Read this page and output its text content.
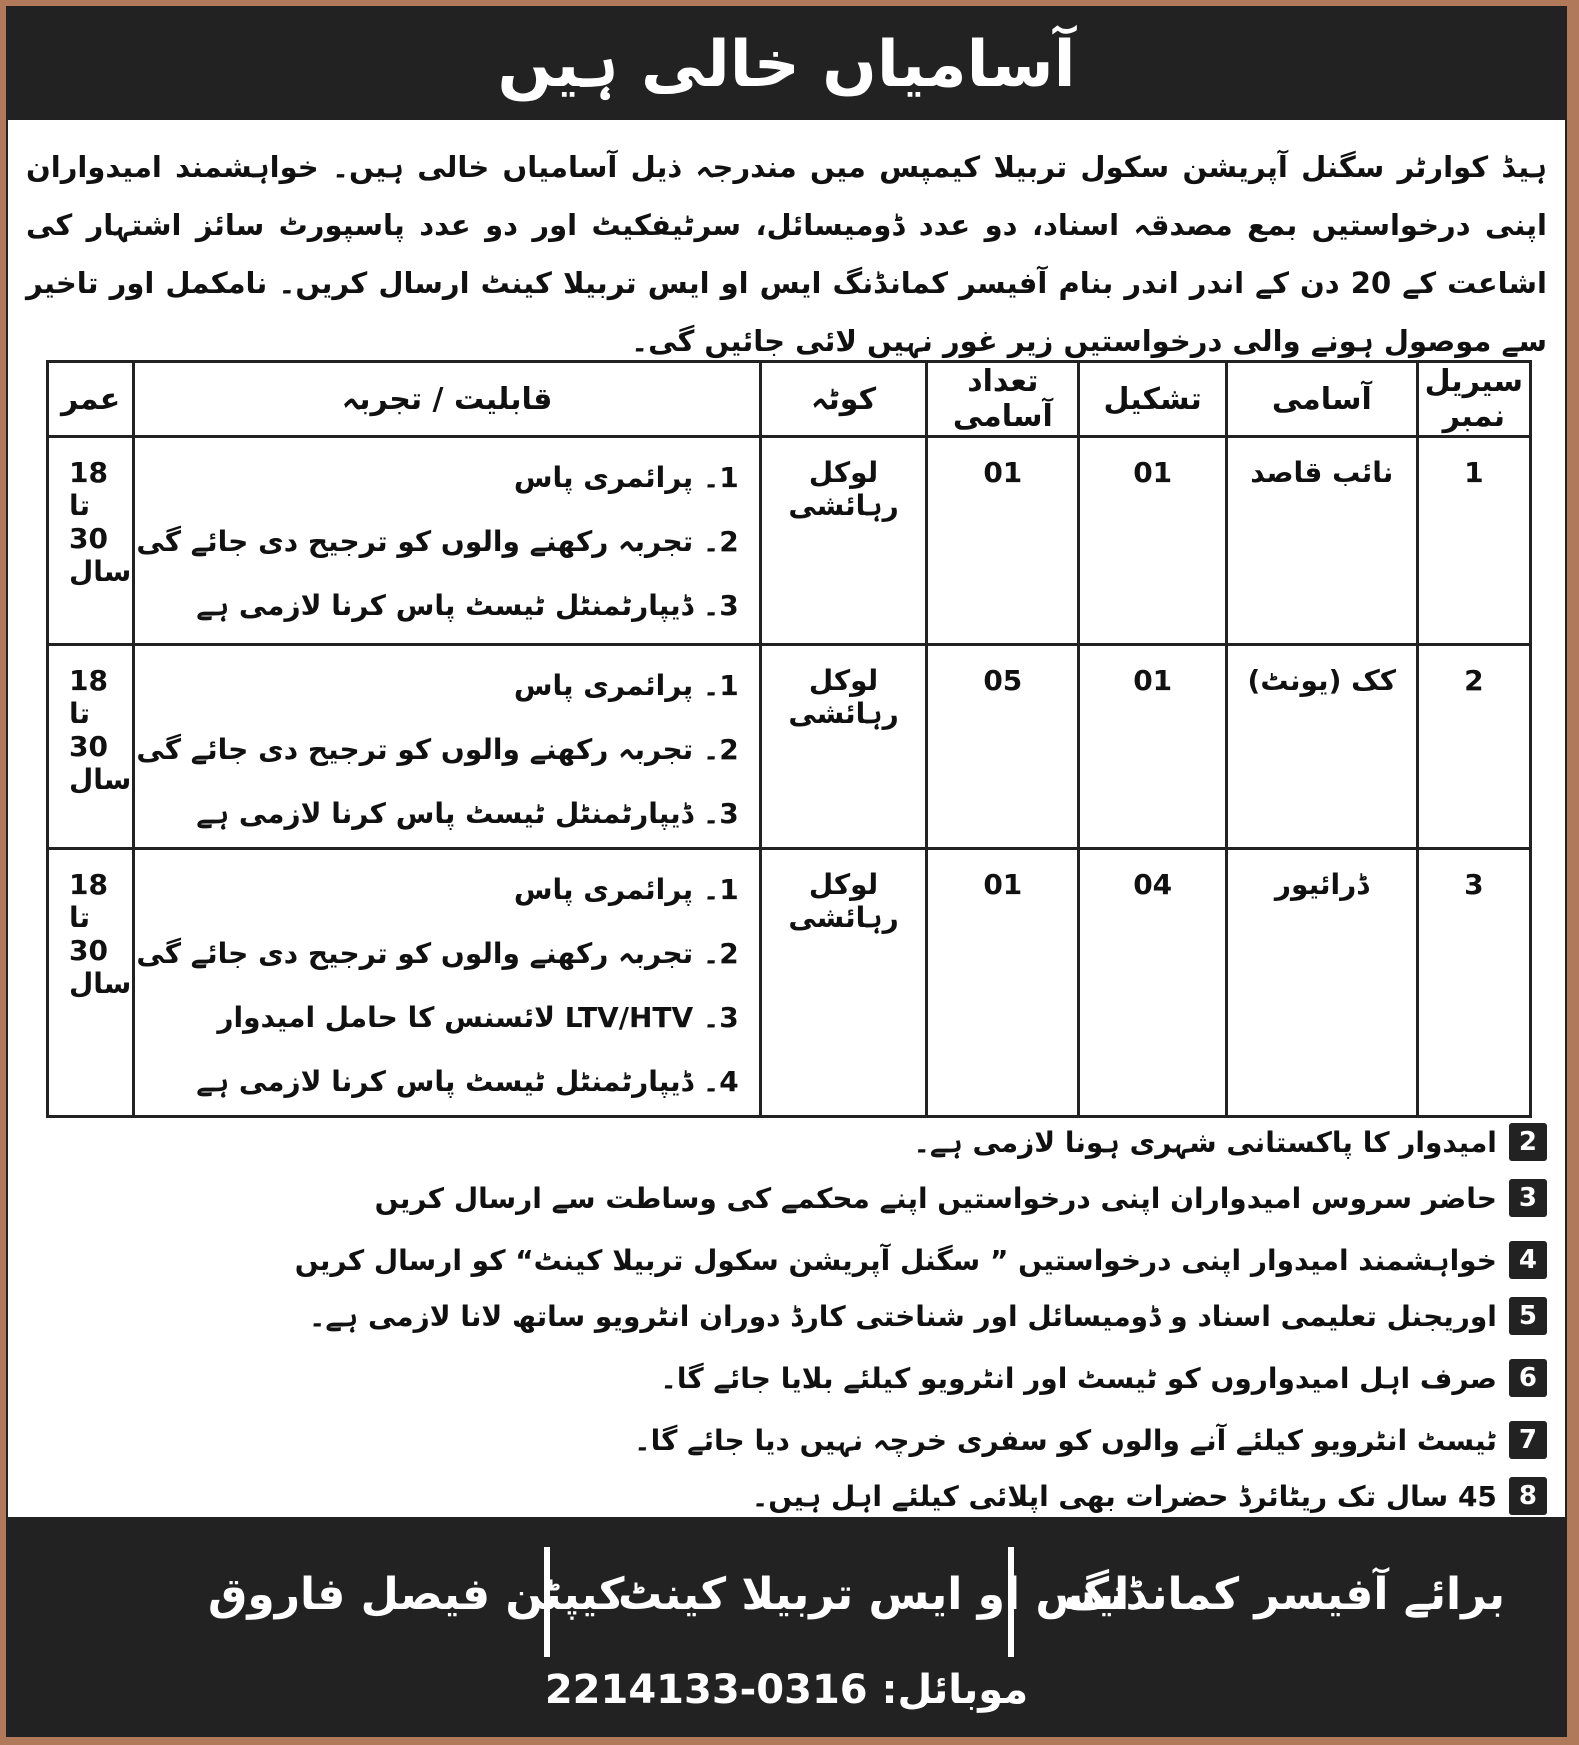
آسامیاں خالی ہیں
ہیڈ کوارٹر سگنل آپریشن سکول تربیلا کیمپس میں مندرجہ ذیل آسامیاں خالی ہیں۔ خواہشمند امیدواران اپنی درخواستیں بمع مصدقہ اسناد، دو عدد ڈومیسائل، سرٹیفکیٹ اور دو عدد پاسپورٹ سائز اشتہار کی اشاعت کے 20 دن کے اندر اندر بنام آفیسر کمانڈنگ ایس او ایس تربیلا کینٹ ارسال کریں۔ نامکمل اور تاخیر سے موصول ہونے والی درخواستیں زیر غور نہیں لائی جائیں گی۔
سیریل نمبر	آسامی	تشکیل	تعداد آسامی	کوٹہ	قابلیت / تجربہ	عمر
1	نائب قاصد	01	01	لوکل رہائشی	1۔ پرائمری پاس
2۔ تجربہ رکھنے والوں کو ترجیح دی جائے گی
3۔ ڈیپارٹمنٹل ٹیسٹ پاس کرنا لازمی ہے	18 تا 30 سال
2	کک (یونٹ)	01	05	لوکل رہائشی	1۔ پرائمری پاس
2۔ تجربہ رکھنے والوں کو ترجیح دی جائے گی
3۔ ڈیپارٹمنٹل ٹیسٹ پاس کرنا لازمی ہے	18 تا 30 سال
3	ڈرائیور	04	01	لوکل رہائشی	1۔ پرائمری پاس
2۔ تجربہ رکھنے والوں کو ترجیح دی جائے گی
3۔ LTV/HTV لائسنس کا حامل امیدوار
4۔ ڈیپارٹمنٹل ٹیسٹ پاس کرنا لازمی ہے	18 تا 30 سال
2
امیدوار کا پاکستانی شہری ہونا لازمی ہے۔
3
حاضر سروس امیدواران اپنی درخواستیں اپنے محکمے کی وساطت سے ارسال کریں
4
خواہشمند امیدوار اپنی درخواستیں ” سگنل آپریشن سکول تربیلا کینٹ“ کو ارسال کریں
5
اوریجنل تعلیمی اسناد و ڈومیسائل اور شناختی کارڈ دوران انٹرویو ساتھ لانا لازمی ہے۔
6
صرف اہل امیدواروں کو ٹیسٹ اور انٹرویو کیلئے بلایا جائے گا۔
7
ٹیسٹ انٹرویو کیلئے آنے والوں کو سفری خرچہ نہیں دیا جائے گا۔
8
45 سال تک ریٹائرڈ حضرات بھی اپلائی کیلئے اہل ہیں۔
برائے آفیسر کمانڈنگ
ایس او ایس تربیلا کینٹ
کیپٹن فیصل فاروق
موبائل: 0316-2214133
